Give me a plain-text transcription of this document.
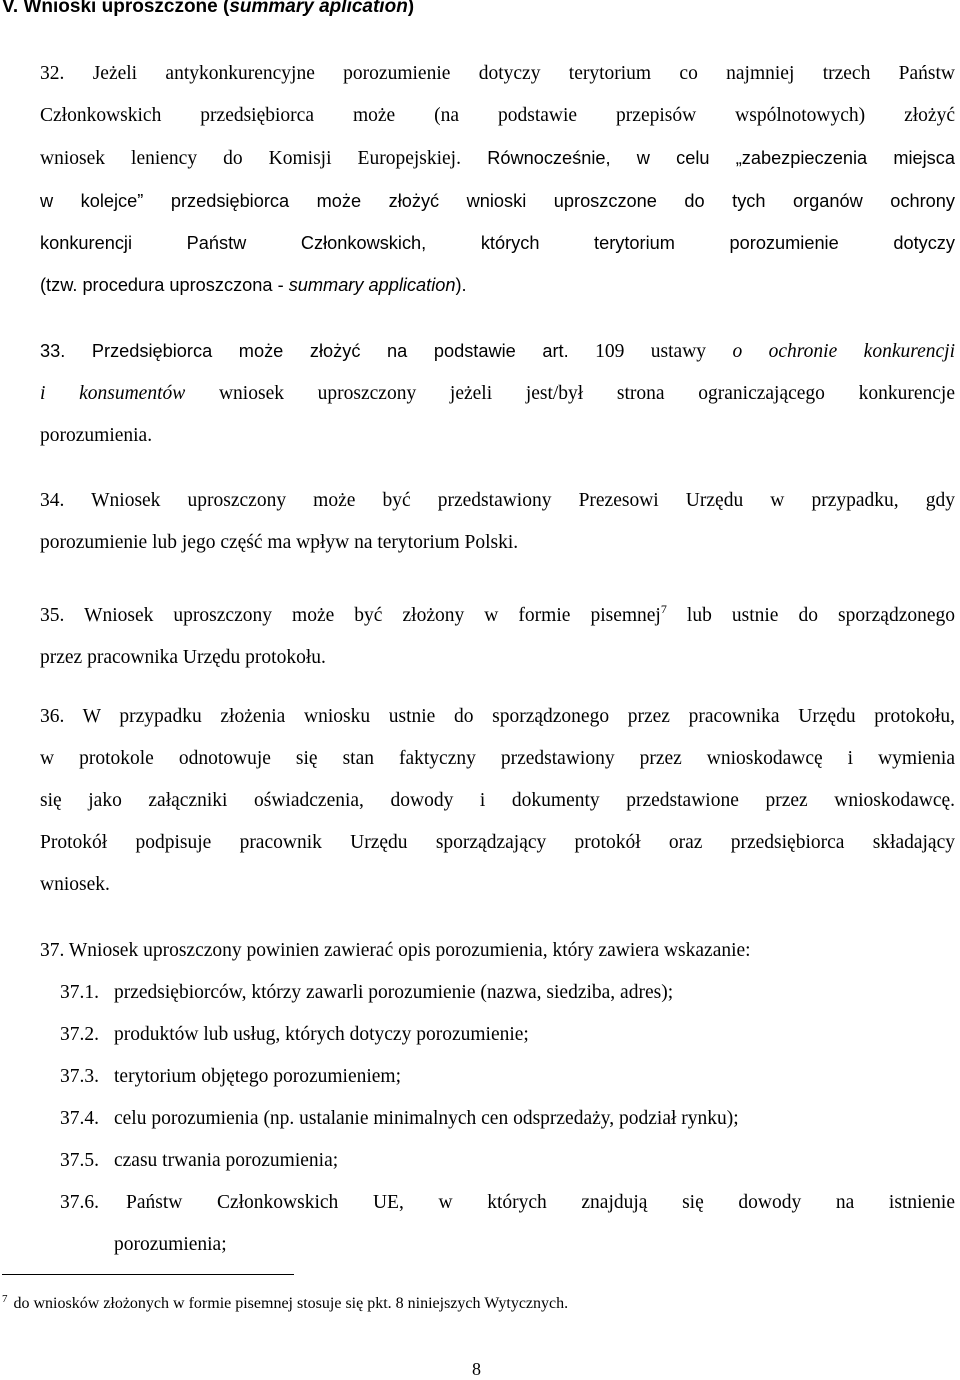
V. Wnioski uproszczone (summary aplication)
32. Jeżeli antykonkurencyjne porozumienie dotyczy terytorium co najmniej trzech Państw
Członkowskich przedsiębiorca może (na podstawie przepisów wspólnotowych) złożyć
wniosek leniency do Komisji Europejskiej. Równocześnie, w celu „zabezpieczenia miejsca
w kolejce” przedsiębiorca może złożyć wnioski uproszczone do tych organów ochrony
konkurencji Państw Członkowskich, których terytorium porozumienie dotyczy
(tzw. procedura uproszczona - summary application).
33. Przedsiębiorca może złożyć na podstawie art. 109 ustawy o ochronie konkurencji
i konsumentów wniosek uproszczony jeżeli jest/był strona ograniczającego konkurencje
porozumienia.
34. Wniosek uproszczony może być przedstawiony Prezesowi Urzędu w przypadku, gdy
porozumienie lub jego część ma wpływ na terytorium Polski.
35. Wniosek uproszczony może być złożony w formie pisemnej$^7$ lub ustnie do sporządzonego
przez pracownika Urzędu protokołu.
36. W przypadku złożenia wniosku ustnie do sporządzonego przez pracownika Urzędu protokołu,
w protokole odnotowuje się stan faktyczny przedstawiony przez wnioskodawcę i wymienia
się jako załączniki oświadczenia, dowody i dokumenty przedstawione przez wnioskodawcę.
Protokół podpisuje pracownik Urzędu sporządzający protokół oraz przedsiębiorca składający
wniosek.
37. Wniosek uproszczony powinien zawierać opis porozumienia, który zawiera wskazanie:
37.1. przedsiębiorców, którzy zawarli porozumienie (nazwa, siedziba, adres);
37.2. produktów lub usług, których dotyczy porozumienie;
37.3. terytorium objętego porozumieniem;
37.4. celu porozumienia (np. ustalanie minimalnych cen odsprzedaży, podział rynku);
37.5. czasu trwania porozumienia;
37.6.	Państw Członkowskich UE, w których znajdują się dowody na istnienie
porozumienia;
$^7$ do wniosków złożonych w formie pisemnej stosuje się pkt. 8 niniejszych Wytycznych.
8
